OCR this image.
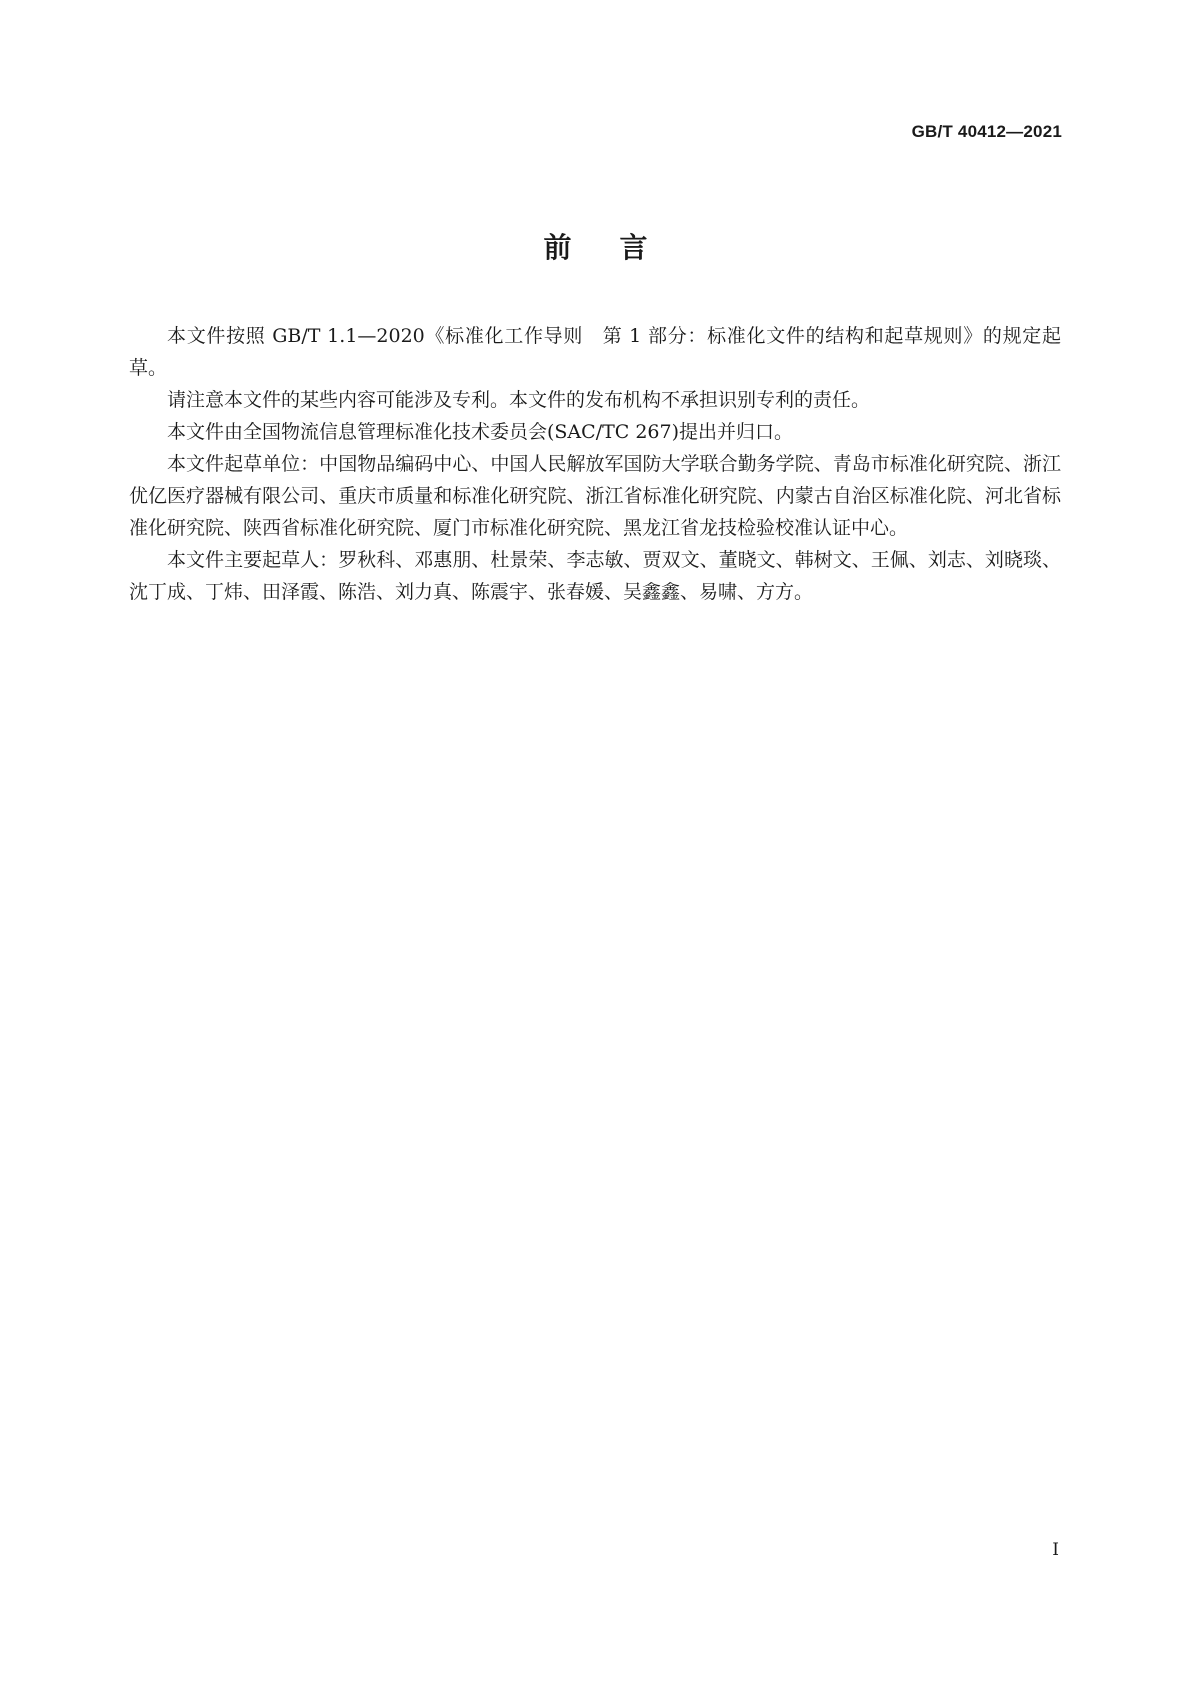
GB/T 40412—2021
前 言

本文件按照 GB/T 1.1—2020《标准化工作导则　第 1 部分：标准化文件的结构和起草规则》的规定起草。

请注意本文件的某些内容可能涉及专利。本文件的发布机构不承担识别专利的责任。

本文件由全国物流信息管理标准化技术委员会(SAC/TC 267)提出并归口。

本文件起草单位：中国物品编码中心、中国人民解放军国防大学联合勤务学院、青岛市标准化研究院、浙江优亿医疗器械有限公司、重庆市质量和标准化研究院、浙江省标准化研究院、内蒙古自治区标准化院、河北省标准化研究院、陕西省标准化研究院、厦门市标准化研究院、黑龙江省龙技检验校准认证中心。

本文件主要起草人：罗秋科、邓惠朋、杜景荣、李志敏、贾双文、董晓文、韩树文、王佩、刘志、刘晓琰、沈丁成、丁炜、田泽霞、陈浩、刘力真、陈震宇、张春媛、吴鑫鑫、易啸、方方。

I
